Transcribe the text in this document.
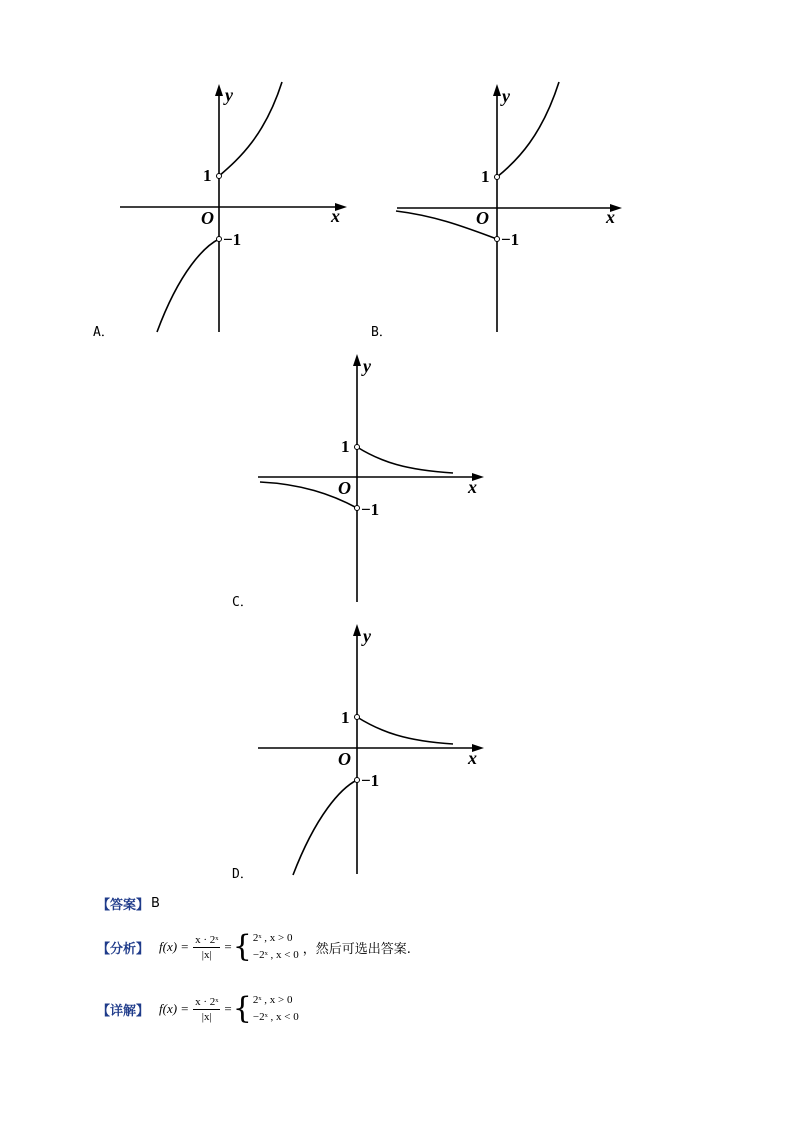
y
x
O
1
−1
A．
y
x
O
1
−1
B．
y
x
O
1
−1
C．
y
x
O
1
−1
D．
【答案】 B
【分析】 $f(x) = \frac{\text{x · 2ˣ}}{|x|}$ = { 2ˣ , x > 0
−2ˣ , x < 0 ，然后可选出答案.
【详解】 $f(x) = \frac{\text{x · 2ˣ}}{|x|}$ = { 2ˣ , x > 0
−2ˣ , x < 0
